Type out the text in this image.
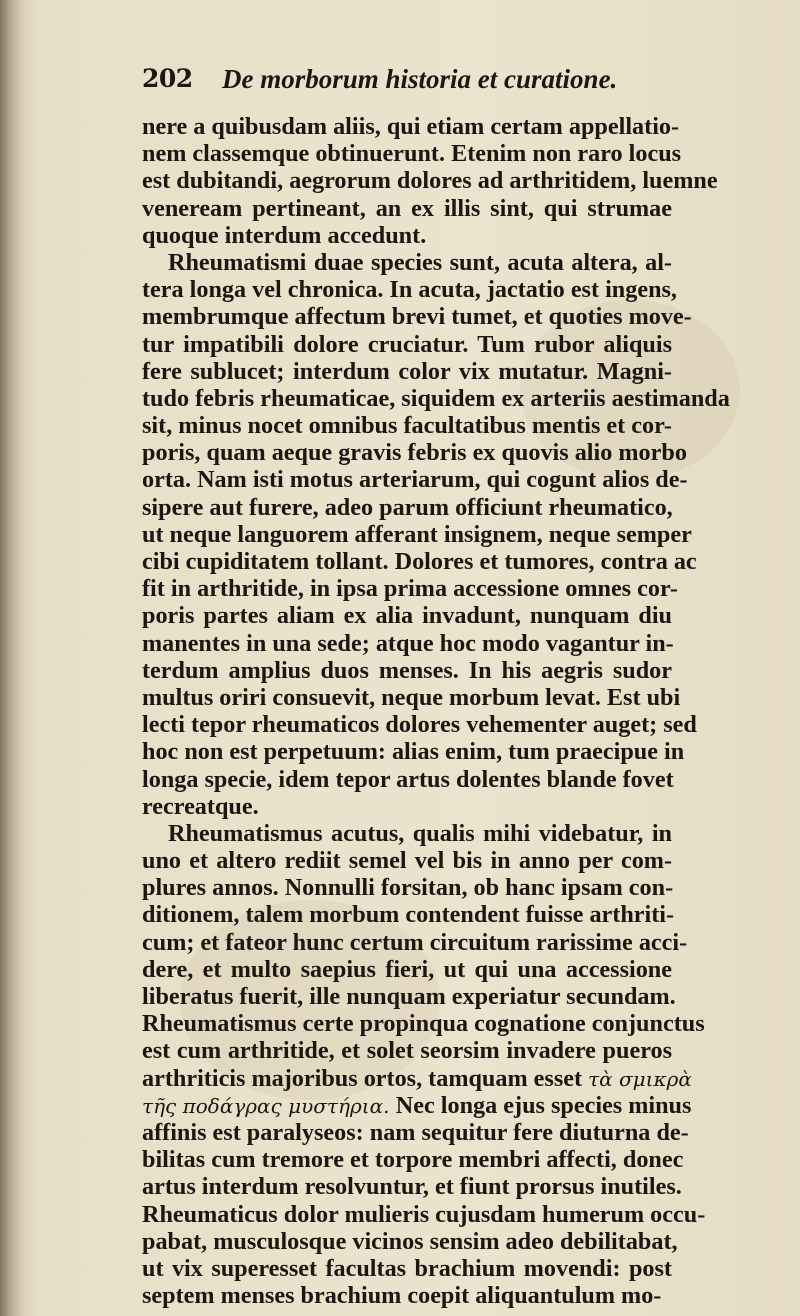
202 De morborum historia et curatione.
nere a quibusdam aliis, qui etiam certam appellatio-
nem classemque obtinuerunt. Etenim non raro locus
est dubitandi, aegrorum dolores ad arthritidem, luemne
veneream pertineant, an ex illis sint, qui strumae
quoque interdum accedunt.
Rheumatismi duae species sunt, acuta altera, al-
tera longa vel chronica. In acuta, jactatio est ingens,
membrumque affectum brevi tumet, et quoties move-
tur impatibili dolore cruciatur. Tum rubor aliquis
fere sublucet; interdum color vix mutatur. Magni-
tudo febris rheumaticae, siquidem ex arteriis aestimanda
sit, minus nocet omnibus facultatibus mentis et cor-
poris, quam aeque gravis febris ex quovis alio morbo
orta. Nam isti motus arteriarum, qui cogunt alios de-
sipere aut furere, adeo parum officiunt rheumatico,
ut neque languorem afferant insignem, neque semper
cibi cupiditatem tollant. Dolores et tumores, contra ac
fit in arthritide, in ipsa prima accessione omnes cor-
poris partes aliam ex alia invadunt, nunquam diu
manentes in una sede; atque hoc modo vagantur in-
terdum amplius duos menses. In his aegris sudor
multus oriri consuevit, neque morbum levat. Est ubi
lecti tepor rheumaticos dolores vehementer auget; sed
hoc non est perpetuum: alias enim, tum praecipue in
longa specie, idem tepor artus dolentes blande fovet
recreatque.
Rheumatismus acutus, qualis mihi videbatur, in
uno et altero rediit semel vel bis in anno per com-
plures annos. Nonnulli forsitan, ob hanc ipsam con-
ditionem, talem morbum contendent fuisse arthriti-
cum; et fateor hunc certum circuitum rarissime acci-
dere, et multo saepius fieri, ut qui una accessione
liberatus fuerit, ille nunquam experiatur secundam.
Rheumatismus certe propinqua cognatione conjunctus
est cum arthritide, et solet seorsim invadere pueros
arthriticis majoribus ortos, tamquam esset τὰ σμικρὰ
τῆς ποδάγρας μυστήρια. Nec longa ejus species minus
affinis est paralyseos: nam sequitur fere diuturna de-
bilitas cum tremore et torpore membri affecti, donec
artus interdum resolvuntur, et fiunt prorsus inutiles.
Rheumaticus dolor mulieris cujusdam humerum occu-
pabat, musculosque vicinos sensim adeo debilitabat,
ut vix superesset facultas brachium movendi: post
septem menses brachium coepit aliquantulum mo-
